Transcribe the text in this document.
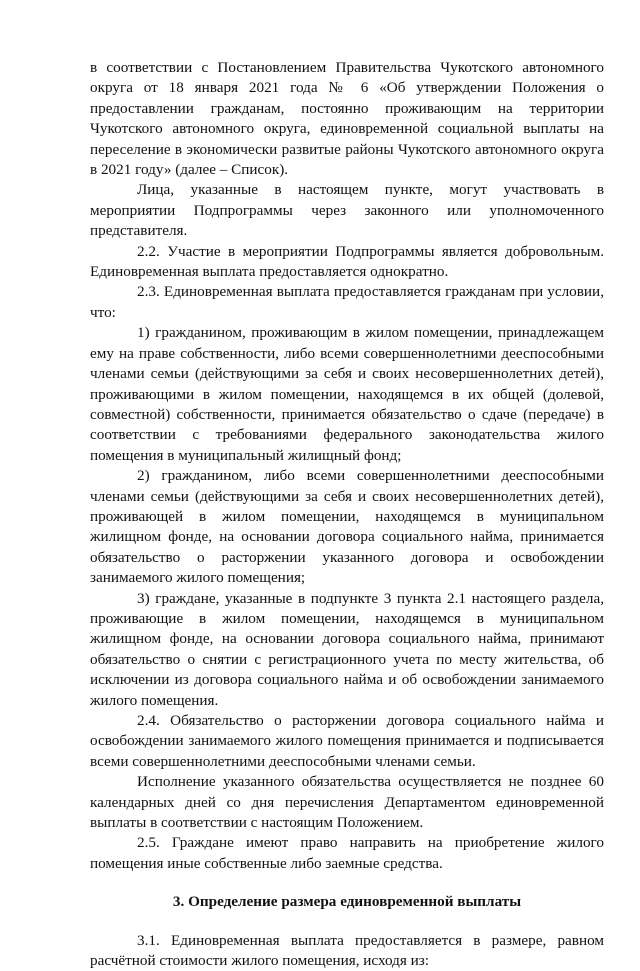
в соответствии с Постановлением Правительства Чукотского автономного округа от 18 января 2021 года № 6 «Об утверждении Положения о предоставлении гражданам, постоянно проживающим на территории Чукотского автономного округа, единовременной социальной выплаты на переселение в экономически развитые районы Чукотского автономного округа в 2021 году» (далее – Список).

Лица, указанные в настоящем пункте, могут участвовать в мероприятии Подпрограммы через законного или уполномоченного представителя.

2.2. Участие в мероприятии Подпрограммы является добровольным. Единовременная выплата предоставляется однократно.

2.3. Единовременная выплата предоставляется гражданам при условии, что:

1) гражданином, проживающим в жилом помещении, принадлежащем ему на праве собственности, либо всеми совершеннолетними дееспособными членами семьи (действующими за себя и своих несовершеннолетних детей), проживающими в жилом помещении, находящемся в их общей (долевой, совместной) собственности, принимается обязательство о сдаче (передаче) в соответствии с требованиями федерального законодательства жилого помещения в муниципальный жилищный фонд;

2) гражданином, либо всеми совершеннолетними дееспособными членами семьи (действующими за себя и своих несовершеннолетних детей), проживающей в жилом помещении, находящемся в муниципальном жилищном фонде, на основании договора социального найма, принимается обязательство о расторжении указанного договора и освобождении занимаемого жилого помещения;

3) граждане, указанные в подпункте 3 пункта 2.1 настоящего раздела, проживающие в жилом помещении, находящемся в муниципальном жилищном фонде, на основании договора социального найма, принимают обязательство о снятии с регистрационного учета по месту жительства, об исключении из договора социального найма и об освобождении занимаемого жилого помещения.

2.4. Обязательство о расторжении договора социального найма и освобождении занимаемого жилого помещения принимается и подписывается всеми совершеннолетними дееспособными членами семьи.

Исполнение указанного обязательства осуществляется не позднее 60 календарных дней со дня перечисления Департаментом единовременной выплаты в соответствии с настоящим Положением.

2.5. Граждане имеют право направить на приобретение жилого помещения иные собственные либо заемные средства.

3. Определение размера единовременной выплаты

3.1. Единовременная выплата предоставляется в размере, равном расчётной стоимости жилого помещения, исходя из:
